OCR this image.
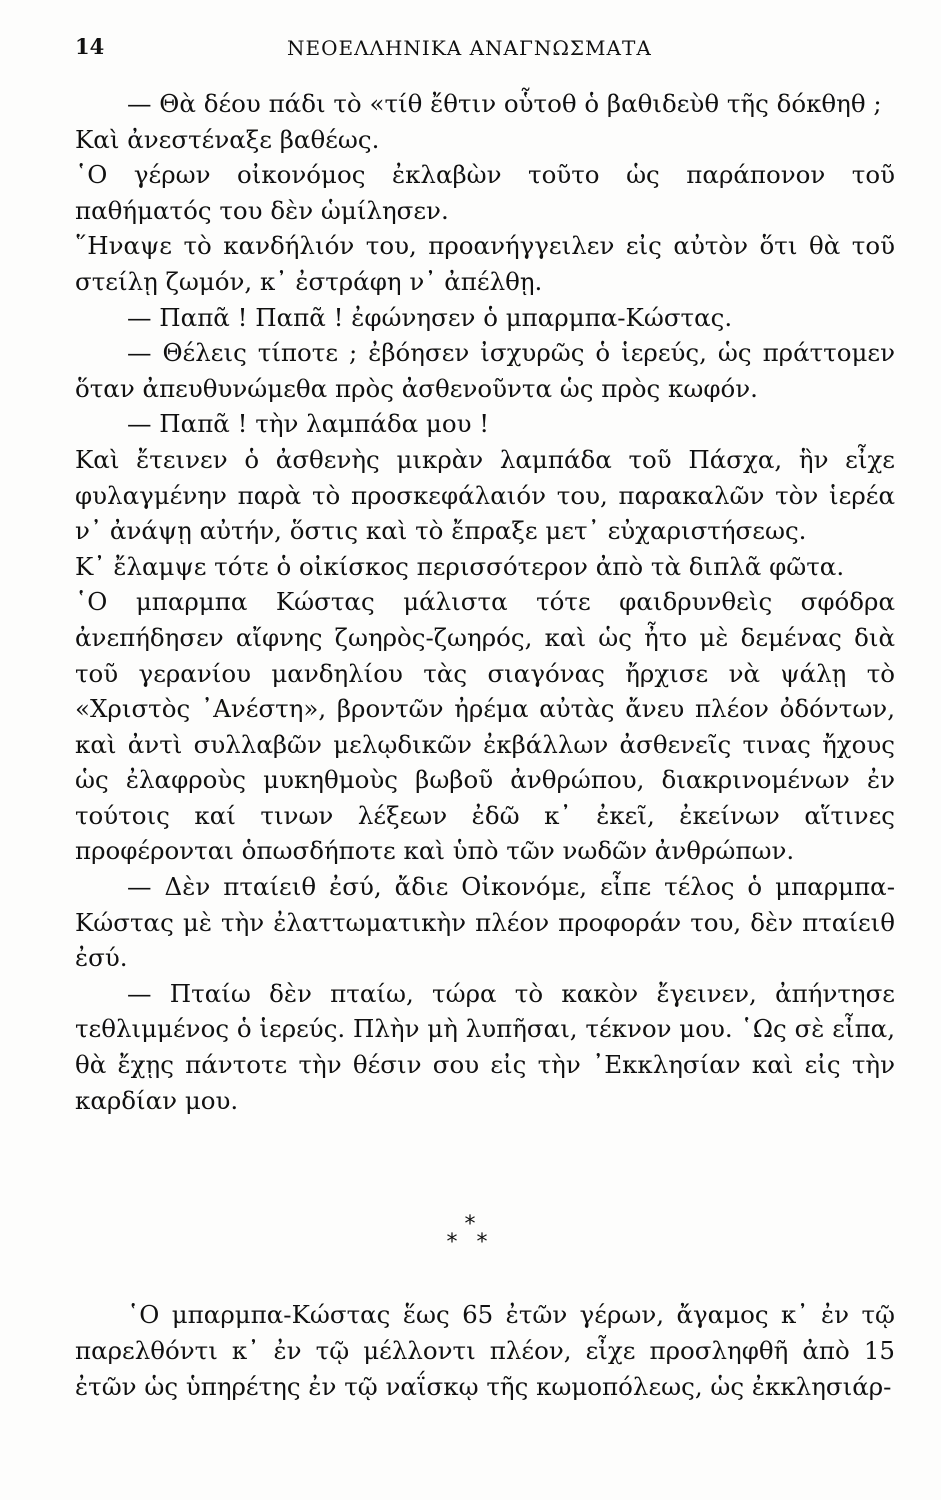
14	ΝΕΟΕΛΛΗΝΙΚΑ ΑΝΑΓΝΩΣΜΑΤΑ

— Θὰ δέου πάδι τὸ «τίθ ἔθτιν οὗτοθ ὁ βαθιδεὺθ τῆς δόκθηθ ;

Καὶ ἀνεστέναξε βαθέως.

῾Ο γέρων οἰκονόμος ἐκλαβὼν τοῦτο ὡς παράπονον τοῦ παθήματός του δὲν ὡμίλησεν.

῞Ηναψε τὸ κανδήλιόν του, προανήγγειλεν εἰς αὐτὸν ὅτι θὰ τοῦ στείλῃ ζωμόν, κ᾿ ἐστράφη ν᾿ ἀπέλθῃ.

— Παπᾶ ! Παπᾶ ! ἐφώνησεν ὁ μπαρμπα-Κώστας.

— Θέλεις τίποτε ; ἐβόησεν ἰσχυρῶς ὁ ἱερεύς, ὡς πράττομεν ὅταν ἀπευθυνώμεθα πρὸς ἀσθενοῦντα ὡς πρὸς κωφόν.

— Παπᾶ ! τὴν λαμπάδα μου !

Καὶ ἔτεινεν ὁ ἀσθενὴς μικρὰν λαμπάδα τοῦ Πάσχα, ἣν εἶχε φυλαγμένην παρὰ τὸ προσκεφάλαιόν του, παρακαλῶν τὸν ἱερέα ν᾿ ἀνάψῃ αὐτήν, ὅστις καὶ τὸ ἔπραξε μετ᾿ εὐχαριστήσεως.

Κ᾿ ἔλαμψε τότε ὁ οἰκίσκος περισσότερον ἀπὸ τὰ διπλᾶ φῶτα.

῾Ο μπαρμπα Κώστας μάλιστα τότε φαιδρυνθεὶς σφόδρα ἀνεπήδησεν αἴφνης ζωηρὸς-ζωηρός, καὶ ὡς ἦτο μὲ δεμένας διὰ τοῦ γερανίου μανδηλίου τὰς σιαγόνας ἤρχισε νὰ ψάλῃ τὸ «Χριστὸς ᾿Ανέστη», βροντῶν ἠρέμα αὐτὰς ἄνευ πλέον ὀδόντων, καὶ ἀντὶ συλλαβῶν μελῳδικῶν ἐκβάλλων ἀσθενεῖς τινας ἤχους ὡς ἐλαφροὺς μυκηθμοὺς βωβοῦ ἀνθρώπου, διακρινομένων ἐν τούτοις καί τινων λέξεων ἐδῶ κ᾿ ἐκεῖ, ἐκείνων αἵτινες προφέρονται ὁπωσδήποτε καὶ ὑπὸ τῶν νωδῶν ἀνθρώπων.

— Δὲν πταίειθ ἐσύ, ἄδιε Οἰκονόμε, εἶπε τέλος ὁ μπαρμπα-Κώστας μὲ τὴν ἐλαττωματικὴν πλέον προφοράν του, δὲν πταίειθ ἐσύ.

— Πταίω δὲν πταίω, τώρα τὸ κακὸν ἔγεινεν, ἀπήντησε τεθλιμμένος ὁ ἱερεύς. Πλὴν μὴ λυπῆσαι, τέκνον μου. ῾Ως σὲ εἶπα, θὰ ἔχῃς πάντοτε τὴν θέσιν σου εἰς τὴν ᾿Εκκλησίαν καὶ εἰς τὴν καρδίαν μου.

*
* *

῾Ο μπαρμπα-Κώστας ἕως 65 ἐτῶν γέρων, ἄγαμος κ᾿ ἐν τῷ παρελθόντι κ᾿ ἐν τῷ μέλλοντι πλέον, εἶχε προσληφθῆ ἀπὸ 15 ἐτῶν ὡς ὑπηρέτης ἐν τῷ ναΐσκῳ τῆς κωμοπόλεως, ὡς ἐκκλησιάρ-
